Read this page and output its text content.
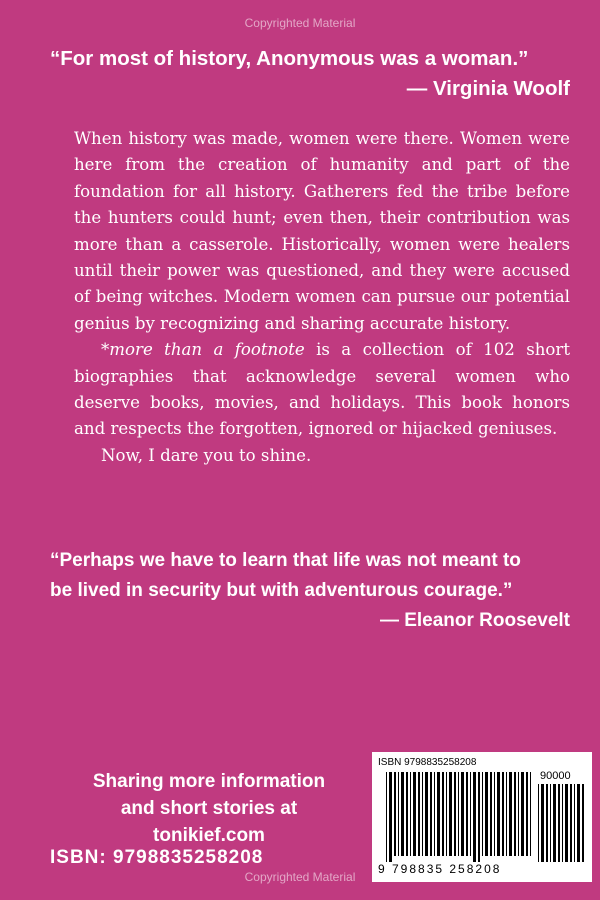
Copyrighted Material
“For most of history, Anonymous was a woman.”
— Virginia Woolf

When history was made, women were there. Women were here from the creation of humanity and part of the foundation for all history. Gatherers fed the tribe before the hunters could hunt; even then, their contribution was more than a casserole. Historically, women were healers until their power was questioned, and they were accused of being witches. Modern women can pursue our potential genius by recognizing and sharing accurate history.

*more than a footnote is a collection of 102 short biographies that acknowledge several women who deserve books, movies, and holidays. This book honors and respects the forgotten, ignored or hijacked geniuses.

Now, I dare you to shine.

“Perhaps we have to learn that life was not meant to
be lived in security but with adventurous courage.”
— Eleanor Roosevelt
Sharing more information
and short stories at
tonikief.com
ISBN: 9798835258208
ISBN 9798835258208
90000
9 798835 258208
Copyrighted Material
